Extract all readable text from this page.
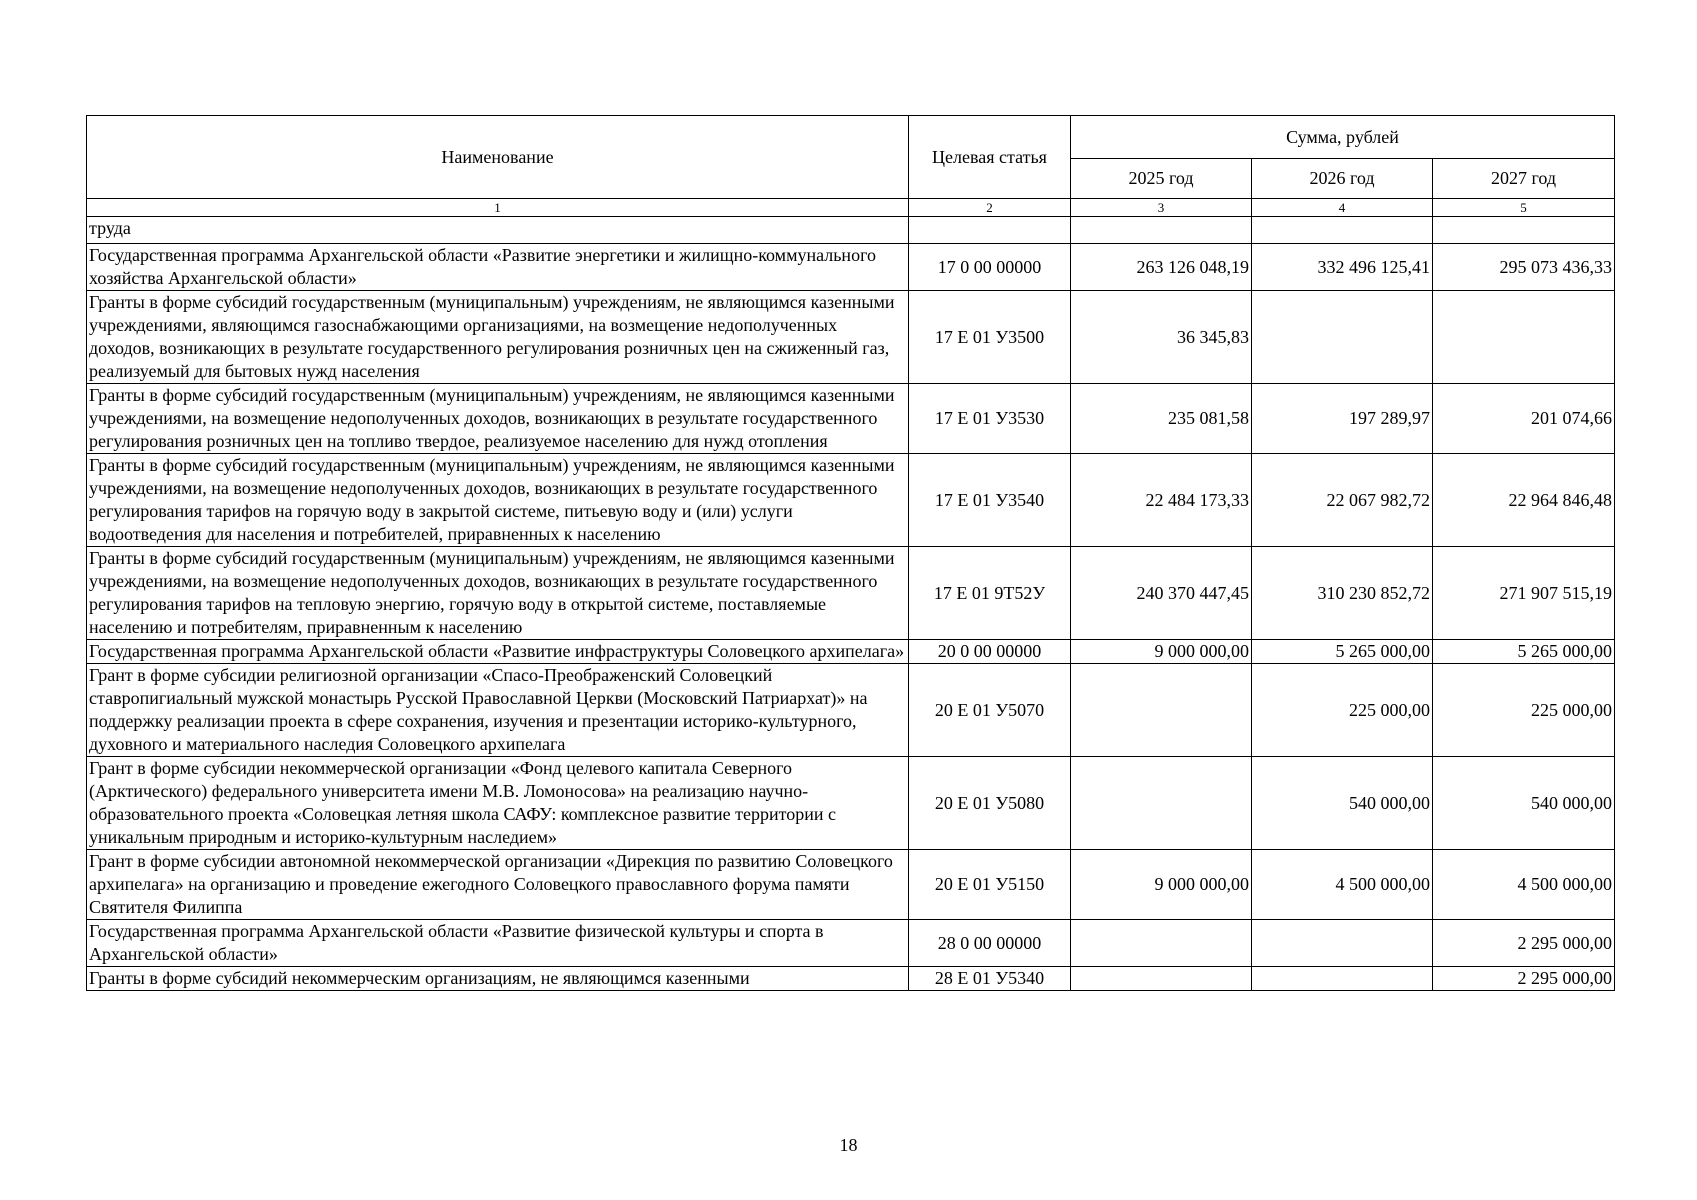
Наименование	Целевая статья	Сумма, рублей		
		2025 год	2026 год	2027 год
1	2	3	4	5
труда				
Государственная программа Архангельской области «Развитие энергетики и жилищно-коммунального хозяйства Архангельской области»	17 0 00 00000	263 126 048,19	332 496 125,41	295 073 436,33
Гранты в форме субсидий государственным (муниципальным) учреждениям, не являющимся казенными учреждениями, являющимся газоснабжающими организациями, на возмещение недополученных доходов, возникающих в результате государственного регулирования розничных цен на сжиженный газ, реализуемый для бытовых нужд населения	17 Е 01 У3500	36 345,83		
Гранты в форме субсидий государственным (муниципальным) учреждениям, не являющимся казенными учреждениями, на возмещение недополученных доходов, возникающих в результате государственного регулирования розничных цен на топливо твердое, реализуемое населению для нужд отопления	17 Е 01 У3530	235 081,58	197 289,97	201 074,66
Гранты в форме субсидий государственным (муниципальным) учреждениям, не являющимся казенными учреждениями, на возмещение недополученных доходов, возникающих в результате государственного регулирования тарифов на горячую воду в закрытой системе, питьевую воду и (или) услуги водоотведения для населения и потребителей, приравненных к населению	17 Е 01 У3540	22 484 173,33	22 067 982,72	22 964 846,48
Гранты в форме субсидий государственным (муниципальным) учреждениям, не являющимся казенными учреждениями, на возмещение недополученных доходов, возникающих в результате государственного регулирования тарифов на тепловую энергию, горячую воду в открытой системе, поставляемые населению и потребителям, приравненным к населению	17 Е 01 9Т52У	240 370 447,45	310 230 852,72	271 907 515,19
Государственная программа Архангельской области «Развитие инфраструктуры Соловецкого архипелага»	20 0 00 00000	9 000 000,00	5 265 000,00	5 265 000,00
Грант в форме субсидии религиозной организации «Спасо-Преображенский Соловецкий ставропигиальный мужской монастырь Русской Православной Церкви (Московский Патриархат)» на поддержку реализации проекта в сфере сохранения, изучения и презентации историко-культурного, духовного и материального наследия Соловецкого архипелага	20 Е 01 У5070		225 000,00	225 000,00
Грант в форме субсидии некоммерческой организации «Фонд целевого капитала Северного (Арктического) федерального университета имени М.В. Ломоносова» на реализацию научно-образовательного проекта «Соловецкая летняя школа САФУ: комплексное развитие территории с уникальным природным и историко-культурным наследием»	20 Е 01 У5080		540 000,00	540 000,00
Грант в форме субсидии автономной некоммерческой организации «Дирекция по развитию Соловецкого архипелага» на организацию и проведение ежегодного Соловецкого православного форума памяти Святителя Филиппа	20 Е 01 У5150	9 000 000,00	4 500 000,00	4 500 000,00
Государственная программа Архангельской области «Развитие физической культуры и спорта в Архангельской области»	28 0 00 00000			2 295 000,00
Гранты в форме субсидий некоммерческим организациям, не являющимся казенными	28 Е 01 У5340			2 295 000,00
18
